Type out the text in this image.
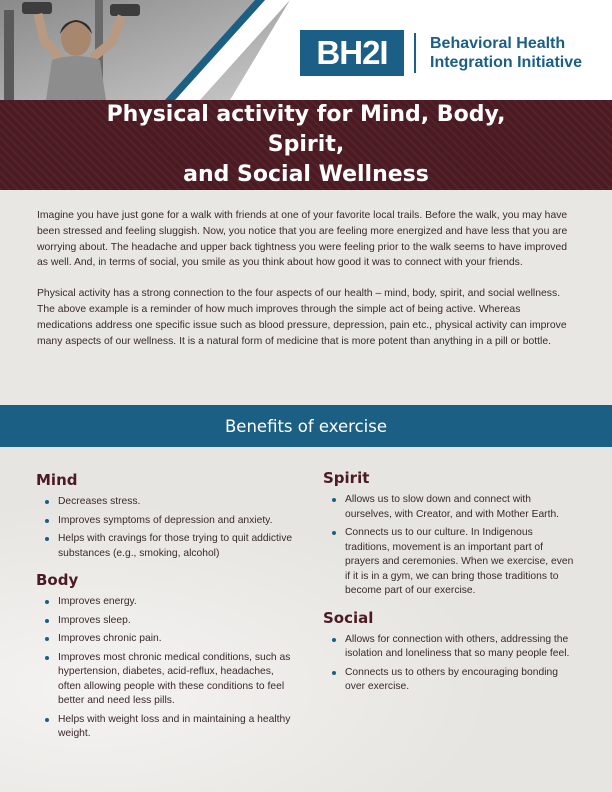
BH2I	Behavioral Health
Integration Initiative
Physical activity for Mind, Body, Spirit,
and Social Wellness

Imagine you have just gone for a walk with friends at one of your favorite local trails. Before the walk, you may have been stressed and feeling sluggish. Now, you notice that you are feeling more energized and have less that you are worrying about. The headache and upper back tightness you were feeling prior to the walk seems to have improved as well. And, in terms of social, you smile as you think about how good it was to connect with your friends.

Physical activity has a strong connection to the four aspects of our health – mind, body, spirit, and social wellness. The above example is a reminder of how much improves through the simple act of being active. Whereas medications address one specific issue such as blood pressure, depression, pain etc., physical activity can improve many aspects of our wellness. It is a natural form of medicine that is more potent than anything in a pill or bottle.

Benefits of exercise
Mind
Decreases stress.
Improves symptoms of depression and anxiety.
Helps with cravings for those trying to quit addictive substances (e.g., smoking, alcohol)
Body
Improves energy.
Improves sleep.
Improves chronic pain.
Improves most chronic medical conditions, such as hypertension, diabetes, acid-reflux, headaches, often allowing people with these conditions to feel better and need less pills.
Helps with weight loss and in maintaining a healthy weight.
Spirit
Allows us to slow down and connect with ourselves, with Creator, and with Mother Earth.
Connects us to our culture. In Indigenous traditions, movement is an important part of prayers and ceremonies. When we exercise, even if it is in a gym, we can bring those traditions to become part of our exercise.
Social
Allows for connection with others, addressing the isolation and loneliness that so many people feel.
Connects us to others by encouraging bonding over exercise.
